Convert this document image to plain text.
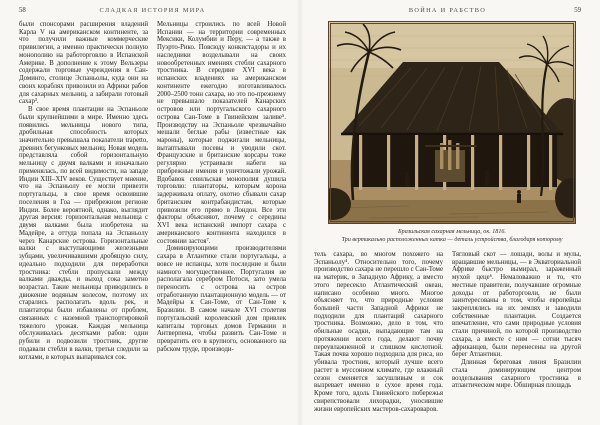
58	СЛАДКАЯ ИСТОРИЯ МИРА

были спонсорами расширения владений Карла V на американском континенте, за что получили важные коммерческие привилегии, а именно практически полную монополию на работорговлю в Испанской Америке. В дополнение к этому Вельзеры содержали торговые учреждения в Сан-Доминго, столице Эспаньолы, куда они на своих кораблях привозили из Африки рабов для сахарных мельниц, а забирали готовый сахар³.

В свое время плантации на Эспаньоле были крупнейшими в мире. Именно здесь появились мельницы нового типа, дробильная способность которых значительно превышала показатели trapetto, древних бегунковых мельниц. Новая модель представляла собой горизонтальную мельницу с двумя валками и изначально применялась, по всей видимости, на западе Индии XIII–XIV веков. Существует мнение, что на Эспаньолу ее могли привезти португальцы, в свое время освоившие поселения в Гоа — прибрежном регионе Индии. Более вероятной, однако, выглядит другая версия: горизонтальная мельница с двумя валками была изобретена на Мадейре, а оттуда попала на Эспаньолу через Канарские острова. Горизонтальные валки с выступающими железными зубцами, увеличивавшими дробящую силу, идеально подходили для переработки тростника: стебли пропускали между валками дважды, и выход сока заметно возрастал. Такие мельницы приводились в движение водяным колесом, поэтому их старались располагать вдоль рек, и плантаторы были избавлены от проблем, связанных с наземной транспортировкой тяжелого урожая. Каждая мельница обслуживалась десятками рабов: одни рубили и подвозили тростник, другие подавали стебли в валки, третьи следили за котлами, в которых выпаривался сок.

Мельницы строились по всей Новой Испании — на территории современных Мексики, Колумбии и Перу, — а также в Пуэрто-Рико. Повсюду конкистадоры и их наследники возделывали на своих новообретенных имениях стебли сахарного тростника. В середине XVI века в испанских владениях на американском континенте ежегодно изготавливалось 2000–2500 тонн сахара, но это по-прежнему не превышало показателей Канарских островов или португальского сахарного острова Сан-Томе в Гвинейском заливе⁵. Производству на Эспаньоле чрезвычайно мешали беглые рабы (известные как мароны), которые поджигали мельницы, вытаптывали посевы и уводили скот. Французские и британские корсары тоже регулярно устраивали набеги на прибрежные имения и уничтожали урожай. Вдобавок севильская монополия душила торговлю: плантаторы, которым корона задерживала оплату, охотно сбывали сахар британским контрабандистам, которые привозили его прямо в Лондон. Все эти факторы объясняют, почему с середины XVI века испанский импорт сахара с американского континента находился в состоянии застоя⁷.

Доминирующими производителями сахара в Атлантике стали португальцы, а вовсе не испанцы, хотя последние и были намного могущественнее. Португалия не располагала серебром Потоси, зато умела переносить с острова на остров отработанную плантационную модель — от Мадейры к Сан-Томе, от Сан-Томе к Бразилии. В самом начале XVI столетия португальский королевский дом привлек капиталы торговых домов Германии и Антверпена, чтобы развить Сан-Томе и превратить его в крупного, основанного на рабском труде, производи-

ВОЙНА И РАБСТВО	59
Бразильская сахарная мельница, ок. 1816.
Три вертикально расположенных катка — деталь устройства, благодаря которому

тель сахара, во многом похожего на Эспаньолу⁴. Относительно того, почему производство сахара не перешло с Сан-Томе на материк, в Западную Африку, а вместо этого пересекло Атлантический океан, написано особенно много. Многое объясняет то, что природные условия большей части Западной Африки не подходили для плантаций сахарного тростника. Возможно, дело в том, что обильные осадки, выпадающие там на протяжении всего года, делают почву переувлажненной и слишком кислотной. Такая почва хорошо подходила для риса, но убивала тростник, который лучше всего растет в муссонном климате, где влажный сезон сменяется засушливым и сок вызревает именно в сухое время года. Кроме того, вдоль Гвинейского побережья свирепствовали лихорадки, уносившие жизни европейских мастеров-сахароваров.

Тягловый скот — лошади, волы и мулы, вращавшие мельницы, — в Экваториальной Африке быстро вымирал, зараженный мухой цеце⁶. Немаловажно и то, что местные правители, получавшие огромные доходы от работорговли, не были заинтересованы в том, чтобы европейцы закреплялись на их землях и заводили собственные плантации. Создается впечатление, что сами природные условия стали причиной, по которой производство сахара, а вместе с ним — сотни тысяч африканцев, были перенесены на другой берег Атлантики.

Длинная береговая линия Бразилии стала доминирующим центром возделывания сахарного тростника в атлантическом мире. Обширная площадь
